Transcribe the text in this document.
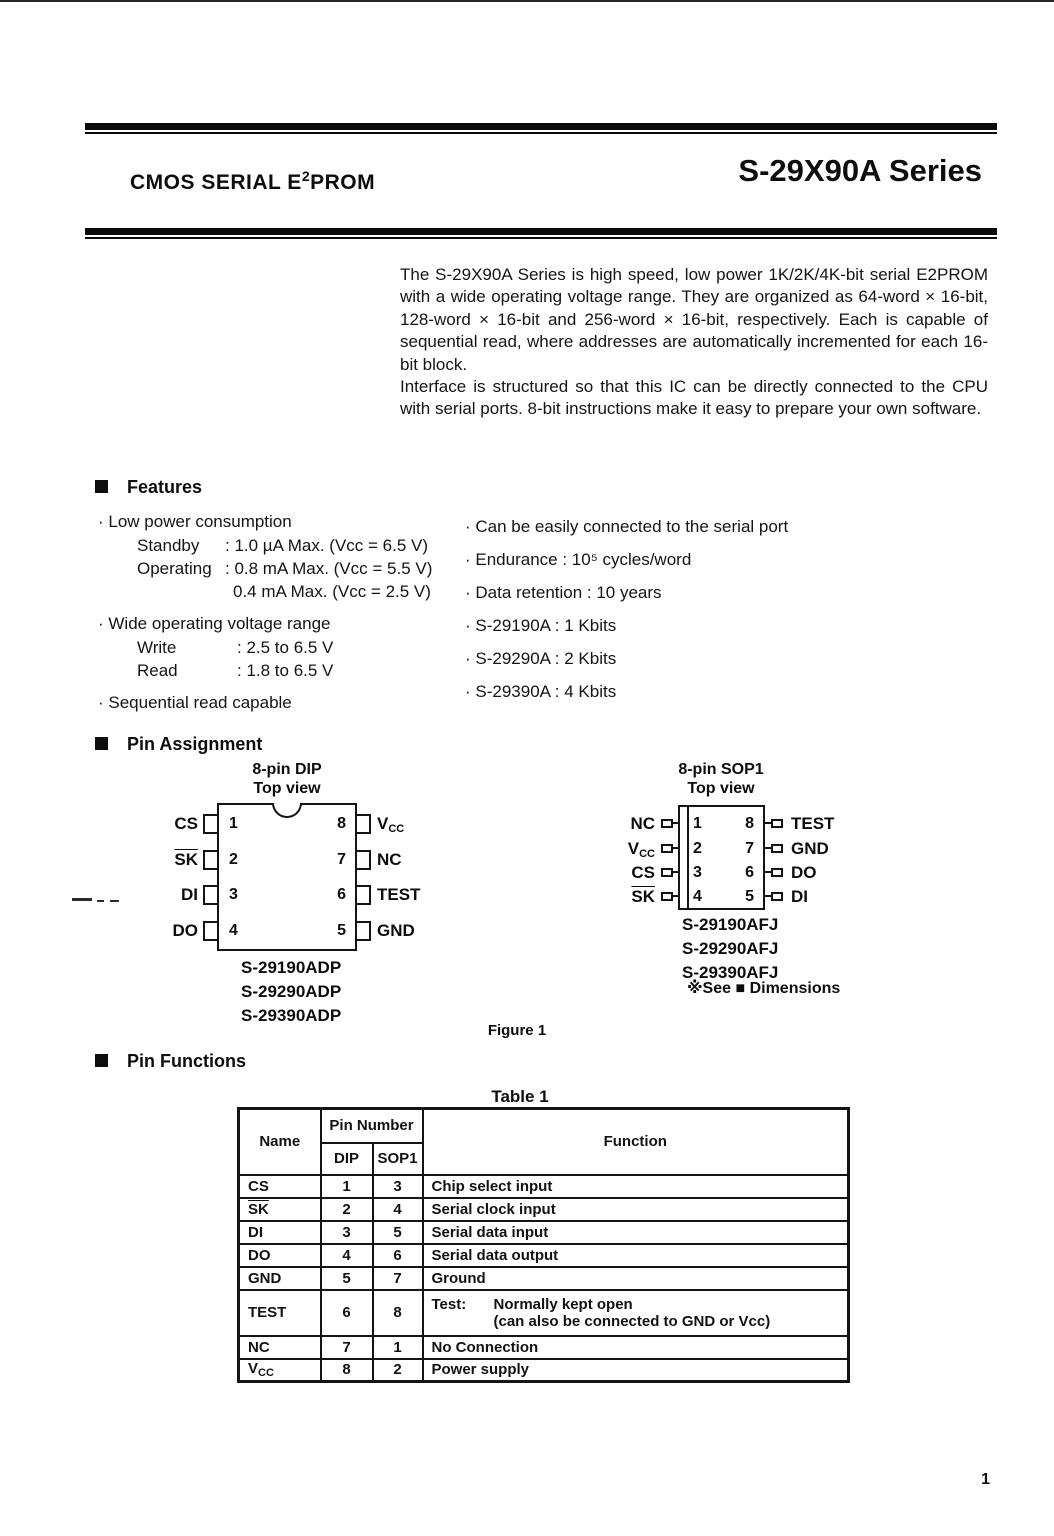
CMOS SERIAL $E^2PROM$	S-29X90A Series

The S-29X90A Series is high speed, low power 1K/2K/4K-bit serial E2PROM with a wide operating voltage range. They are organized as 64-word × 16-bit, 128-word × 16-bit and 256-word × 16-bit, respectively. Each is capable of sequential read, where addresses are automatically incremented for each 16-bit block.

Interface is structured so that this IC can be directly connected to the CPU with serial ports. 8-bit instructions make it easy to prepare your own software.

Features
· Low power consumption
Standby	: 1.0 µA Max. (Vcc = 6.5 V)
Operating : 0.8 mA Max. (Vcc = 5.5 V)
0.4 mA Max. (Vcc = 2.5 V)
· Wide operating voltage range
Write	: 2.5 to 6.5 V
Read	: 1.8 to 6.5 V
· Sequential read capable
· Can be easily connected to the serial port
· Endurance : 10⁵ cycles/word
· Data retention : 10 years
· S-29190A : 1 Kbits
· S-29290A : 2 Kbits
· S-29390A : 4 Kbits
Pin Assignment
8-pin DIP
Top view
CS
$\overline{SK}$
DI
DO
1
2
3
4
8
7
6
5
VCC
NC
TEST
GND
S-29190ADP
S-29290ADP
S-29390ADP
8-pin SOP1
Top view
NC
VCC
CS
$\overline{SK}$
1
2
3
4
8
7
6
5
TEST
GND
DO
DI
S-29190AFJ
S-29290AFJ
S-29390AFJ
※See ■ Dimensions
Figure 1
Pin Functions
Table 1
Name	Pin Number		Function
	DIP	SOP1	
CS	1	3	Chip select input
$\overline{SK}$	2	4	Serial clock input
DI	3	5	Serial data input
DO	4	6	Serial data output
GND	5	7	Ground
TEST	6	8	Test: Normally kept open
(can also be connected to GND or Vcc)

NC	7	1	No Connection
$V_{CC}$	8	2	Power supply
1
